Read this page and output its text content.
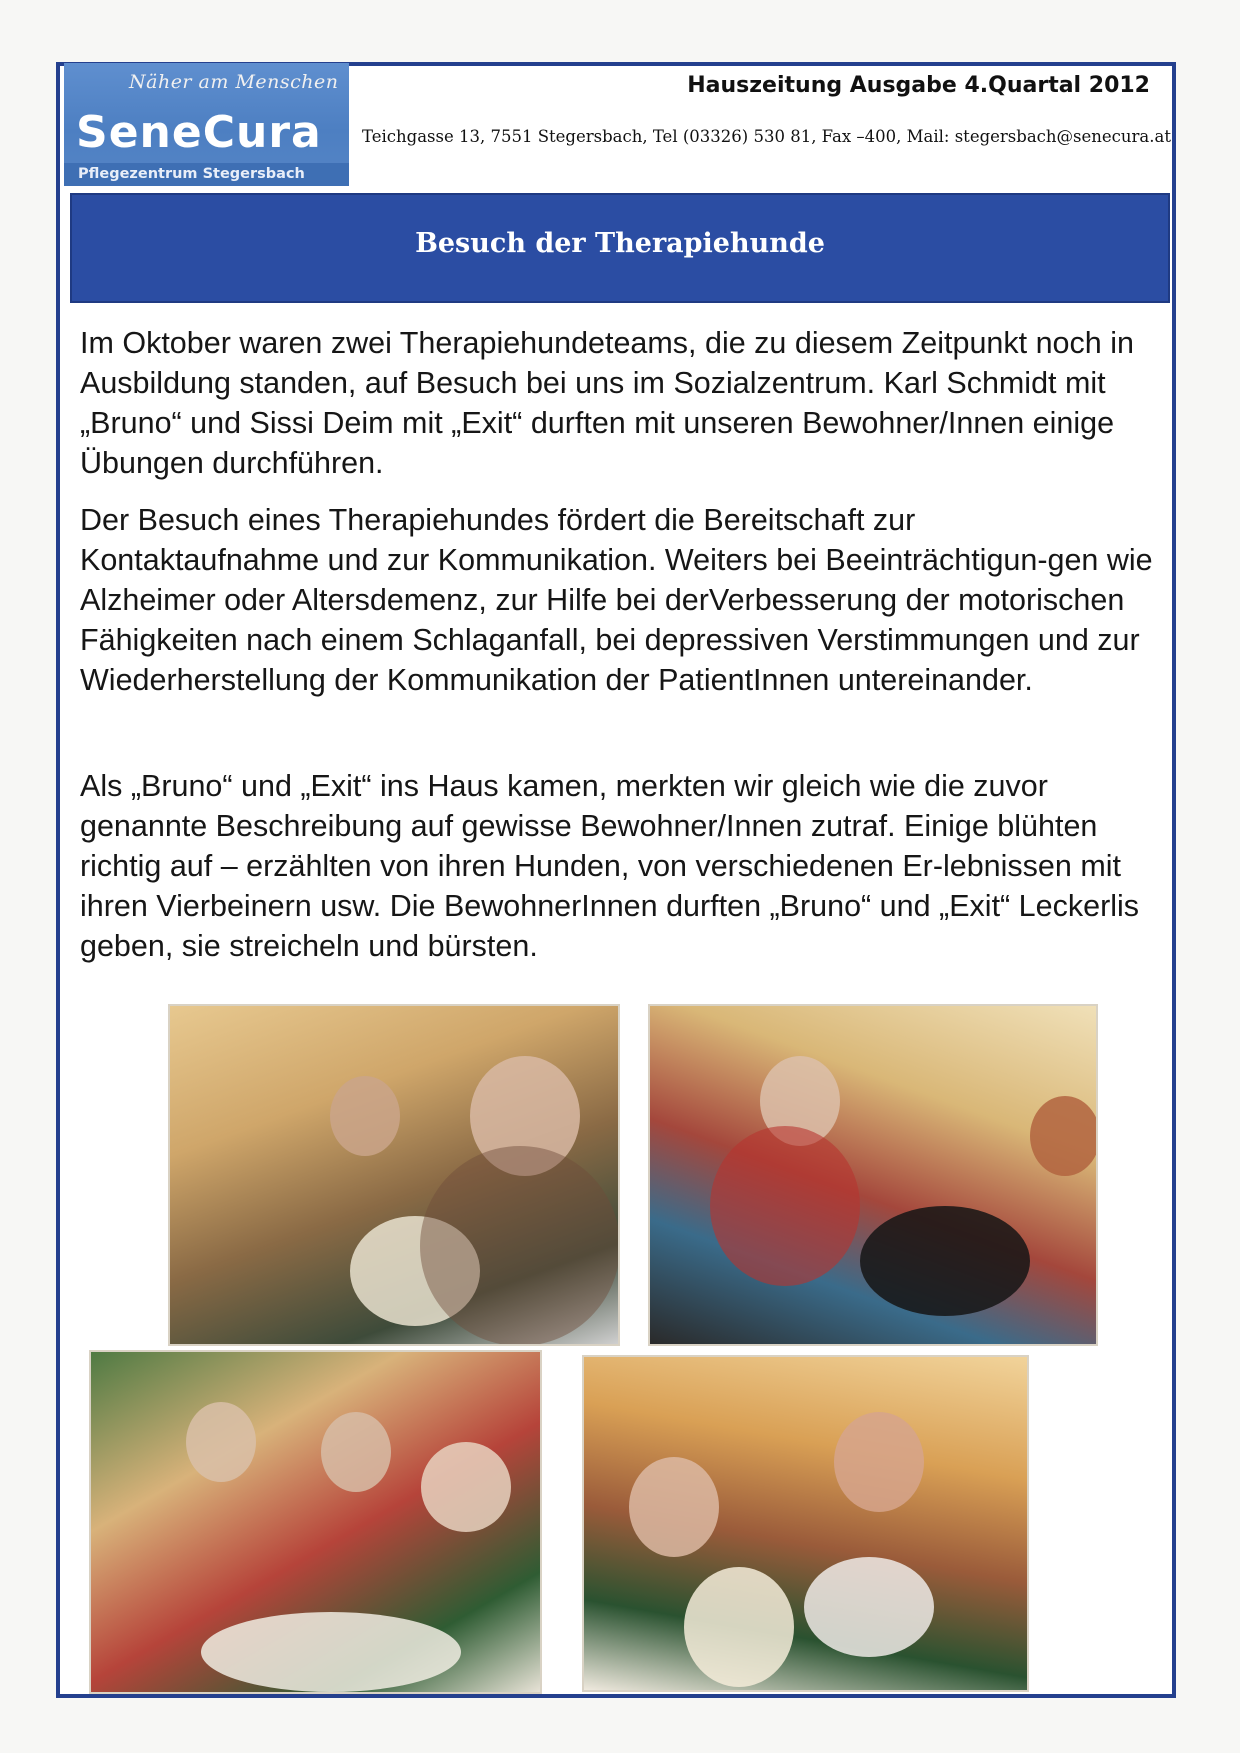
Näher am Menschen
SeneCura
Pflegezentrum Stegersbach
Hauszeitung Ausgabe 4.Quartal 2012
Teichgasse 13, 7551 Stegersbach, Tel (03326) 530 81, Fax –400, Mail: stegersbach@senecura.at
Besuch der Therapiehunde

Im Oktober waren zwei Therapiehundeteams, die zu diesem Zeitpunkt noch in Ausbildung standen, auf Besuch bei uns im Sozialzentrum. Karl Schmidt mit „Bruno“ und Sissi Deim mit „Exit“ durften mit unseren Bewohner/Innen einige Übungen durchführen.

Der Besuch eines Therapiehundes fördert die Bereitschaft zur Kontaktaufnahme und zur Kommunikation. Weiters bei Beeinträchtigun-gen wie Alzheimer oder Altersdemenz, zur Hilfe bei derVerbesserung der motorischen Fähigkeiten nach einem Schlaganfall, bei depressiven Verstimmungen und zur Wiederherstellung der Kommunikation der PatientInnen untereinander.

Als „Bruno“ und „Exit“ ins Haus kamen, merkten wir gleich wie die zuvor genannte Beschreibung auf gewisse Bewohner/Innen zutraf. Einige blühten richtig auf – erzählten von ihren Hunden, von verschiedenen Er-lebnissen mit ihren Vierbeinern usw. Die BewohnerInnen durften „Bruno“ und „Exit“ Leckerlis geben, sie streicheln und bürsten.
